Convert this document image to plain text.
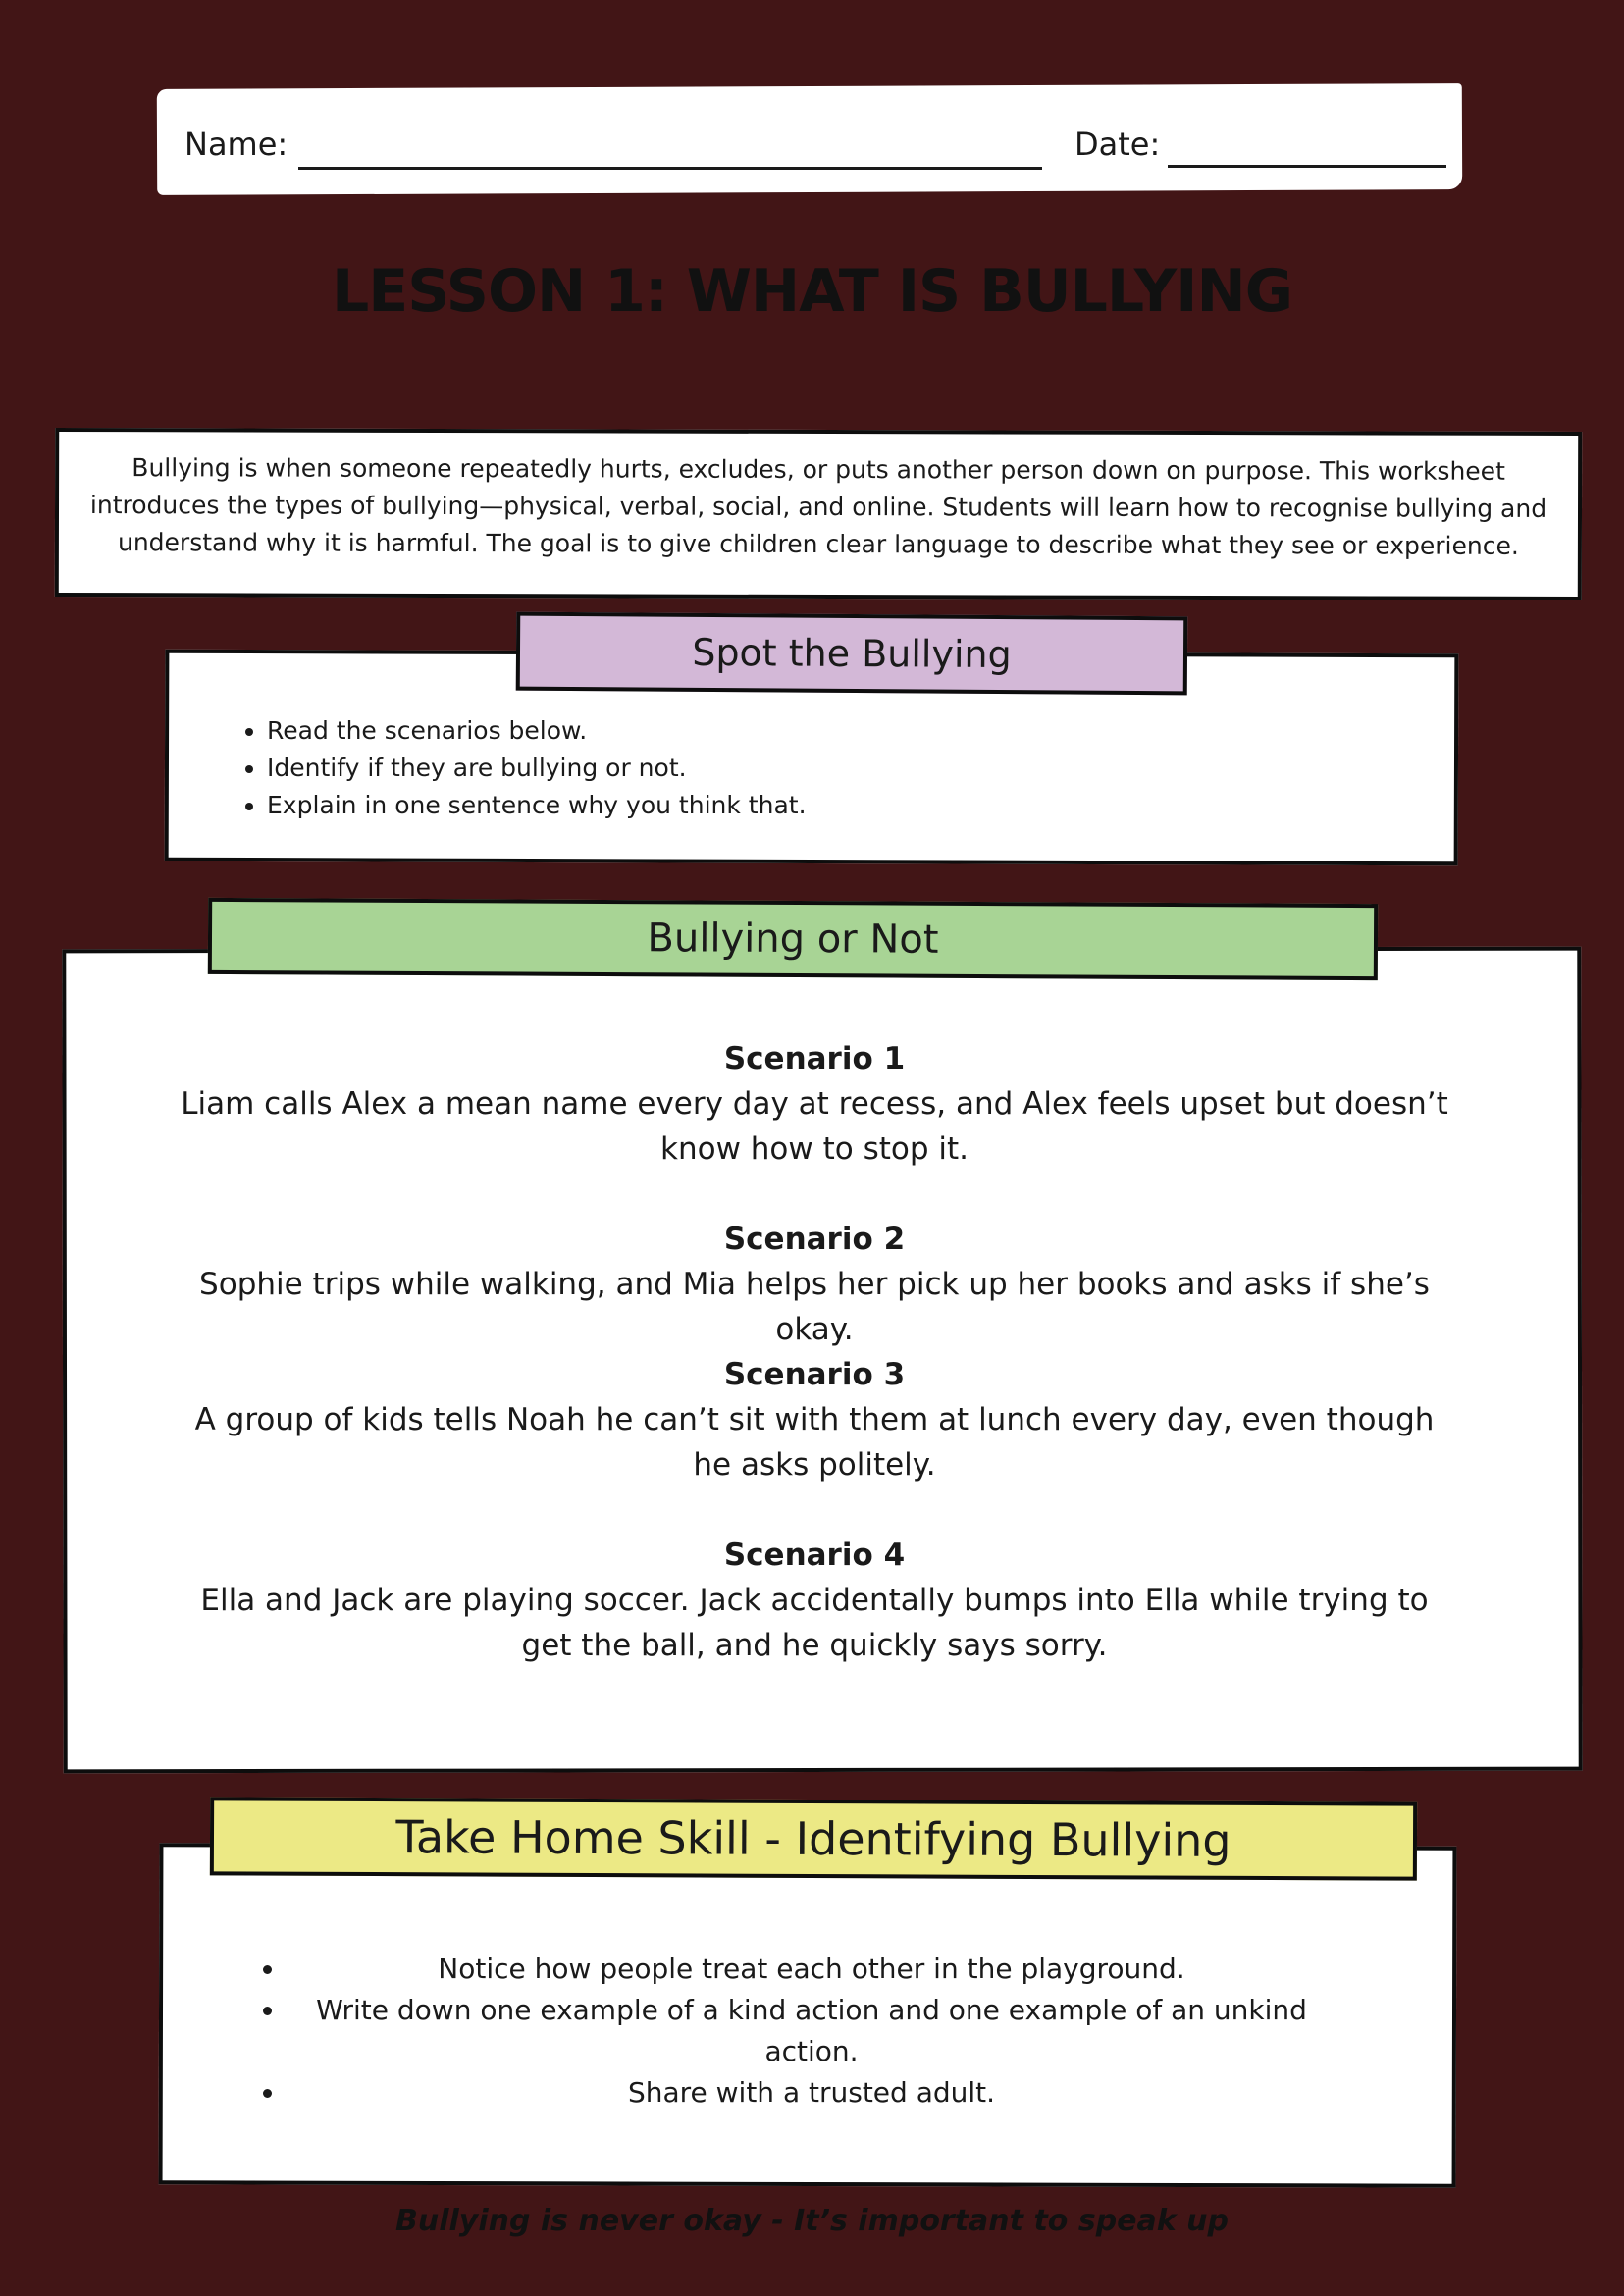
Name:	Date:
LESSON 1: WHAT IS BULLYING
Bullying is when someone repeatedly hurts, excludes, or puts another person down on purpose. This worksheet introduces the types of bullying—physical, verbal, social, and online. Students will learn how to recognise bullying and understand why it is harmful. The goal is to give children clear language to describe what they see or experience.
Spot the Bullying
• Read the scenarios below.
• Identify if they are bullying or not.
• Explain in one sentence why you think that.
Bullying or Not
Scenario 1
Liam calls Alex a mean name every day at recess, and Alex feels upset but doesn’t know how to stop it.
Scenario 2
Sophie trips while walking, and Mia helps her pick up her books and asks if she’s okay.
Scenario 3
A group of kids tells Noah he can’t sit with them at lunch every day, even though he asks politely.
Scenario 4
Ella and Jack are playing soccer. Jack accidentally bumps into Ella while trying to get the ball, and he quickly says sorry.
Take Home Skill - Identifying Bullying
• Notice how people treat each other in the playground.
• Write down one example of a kind action and one example of an unkind action.
• Share with a trusted adult.
Bullying is never okay - It’s important to speak up
